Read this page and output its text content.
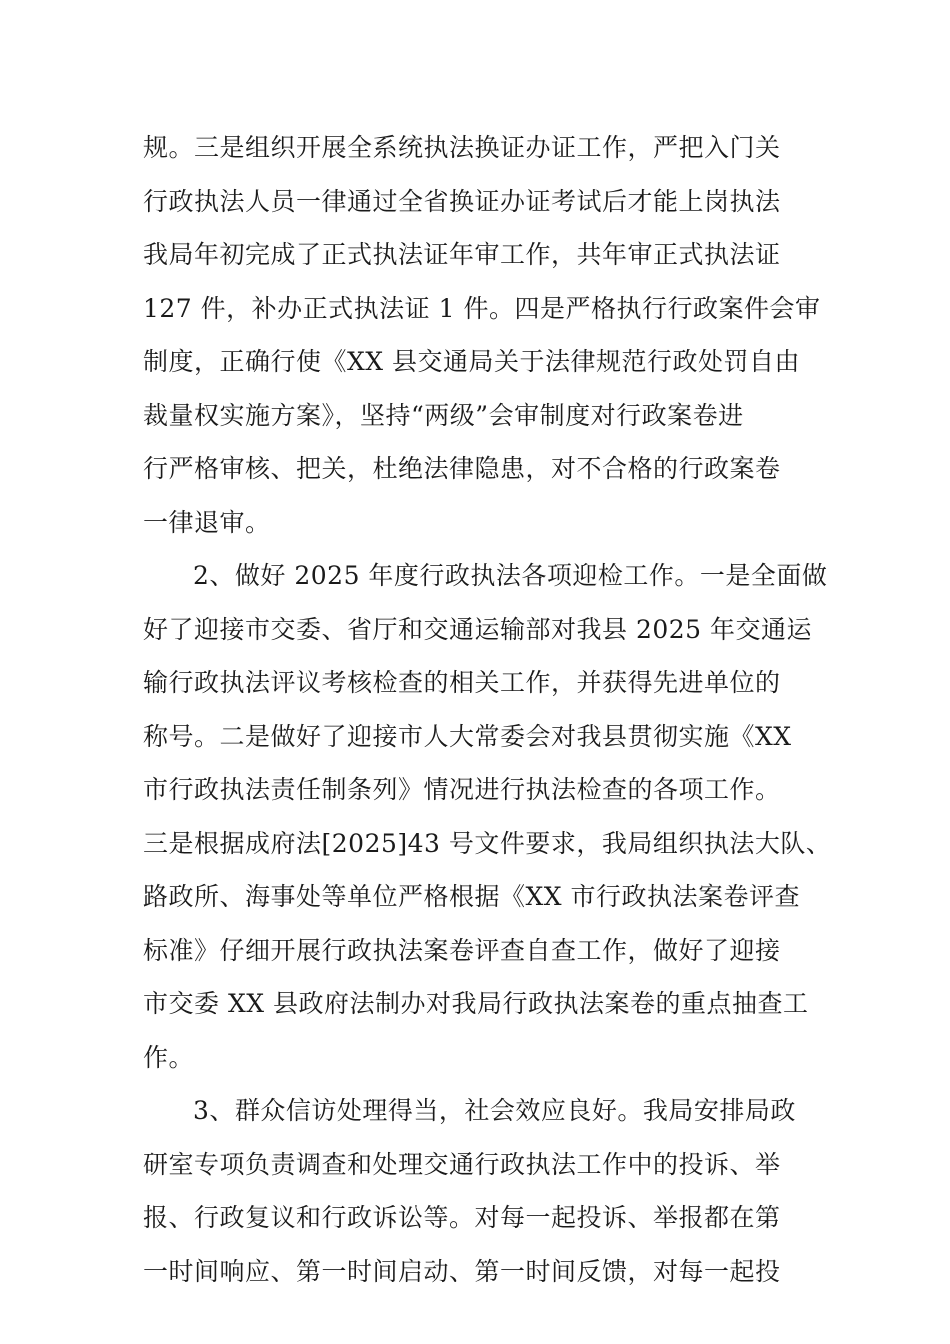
规。三是组织开展全系统执法换证办证工作，严把入门关
行政执法人员一律通过全省换证办证考试后才能上岗执法
我局年初完成了正式执法证年审工作，共年审正式执法证
127 件，补办正式执法证 1 件。四是严格执行行政案件会审
制度，正确行使《XX 县交通局关于法律规范行政处罚自由
裁量权实施方案》，坚持“两级”会审制度对行政案卷进
行严格审核、把关，杜绝法律隐患，对不合格的行政案卷
一律退审。
2、做好 2025 年度行政执法各项迎检工作。一是全面做
好了迎接市交委、省厅和交通运输部对我县 2025 年交通运
输行政执法评议考核检查的相关工作，并获得先进单位的
称号。二是做好了迎接市人大常委会对我县贯彻实施《XX
市行政执法责任制条列》情况进行执法检查的各项工作。
三是根据成府法[2025]43 号文件要求，我局组织执法大队、
路政所、海事处等单位严格根据《XX 市行政执法案卷评查
标准》仔细开展行政执法案卷评查自查工作，做好了迎接
市交委 XX 县政府法制办对我局行政执法案卷的重点抽查工
作。
3、群众信访处理得当，社会效应良好。我局安排局政
研室专项负责调查和处理交通行政执法工作中的投诉、举
报、行政复议和行政诉讼等。对每一起投诉、举报都在第
一时间响应、第一时间启动、第一时间反馈，对每一起投
